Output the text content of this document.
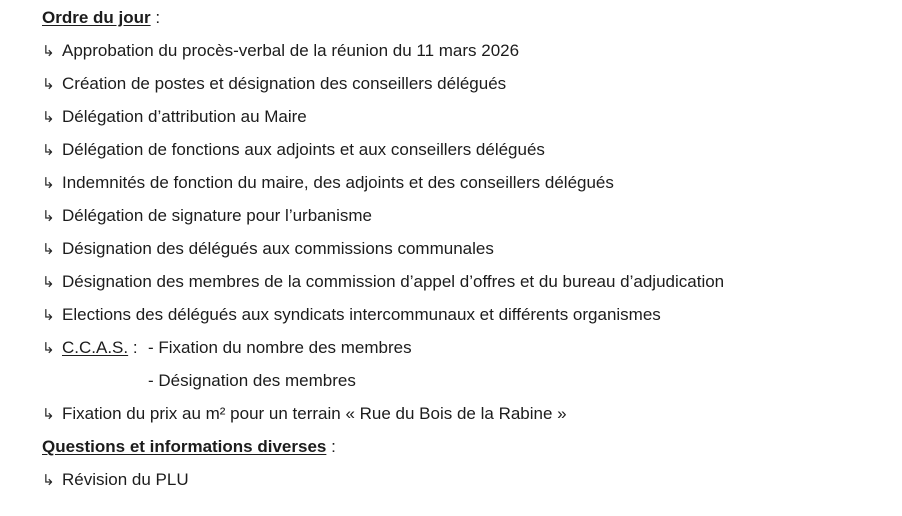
Ordre du jour :
↳ Approbation du procès-verbal de la réunion du 11 mars 2026
↳ Création de postes et désignation des conseillers délégués
↳ Délégation d’attribution au Maire
↳ Délégation de fonctions aux adjoints et aux conseillers délégués
↳ Indemnités de fonction du maire, des adjoints et des conseillers délégués
↳ Délégation de signature pour l’urbanisme
↳ Désignation des délégués aux commissions communales
↳ Désignation des membres de la commission d’appel d’offres et du bureau d’adjudication
↳ Elections des délégués aux syndicats intercommunaux et différents organismes
↳ C.C.A.S. : - Fixation du nombre des membres
- Désignation des membres
↳ Fixation du prix au m² pour un terrain « Rue du Bois de la Rabine »
Questions et informations diverses :
↳ Révision du PLU
